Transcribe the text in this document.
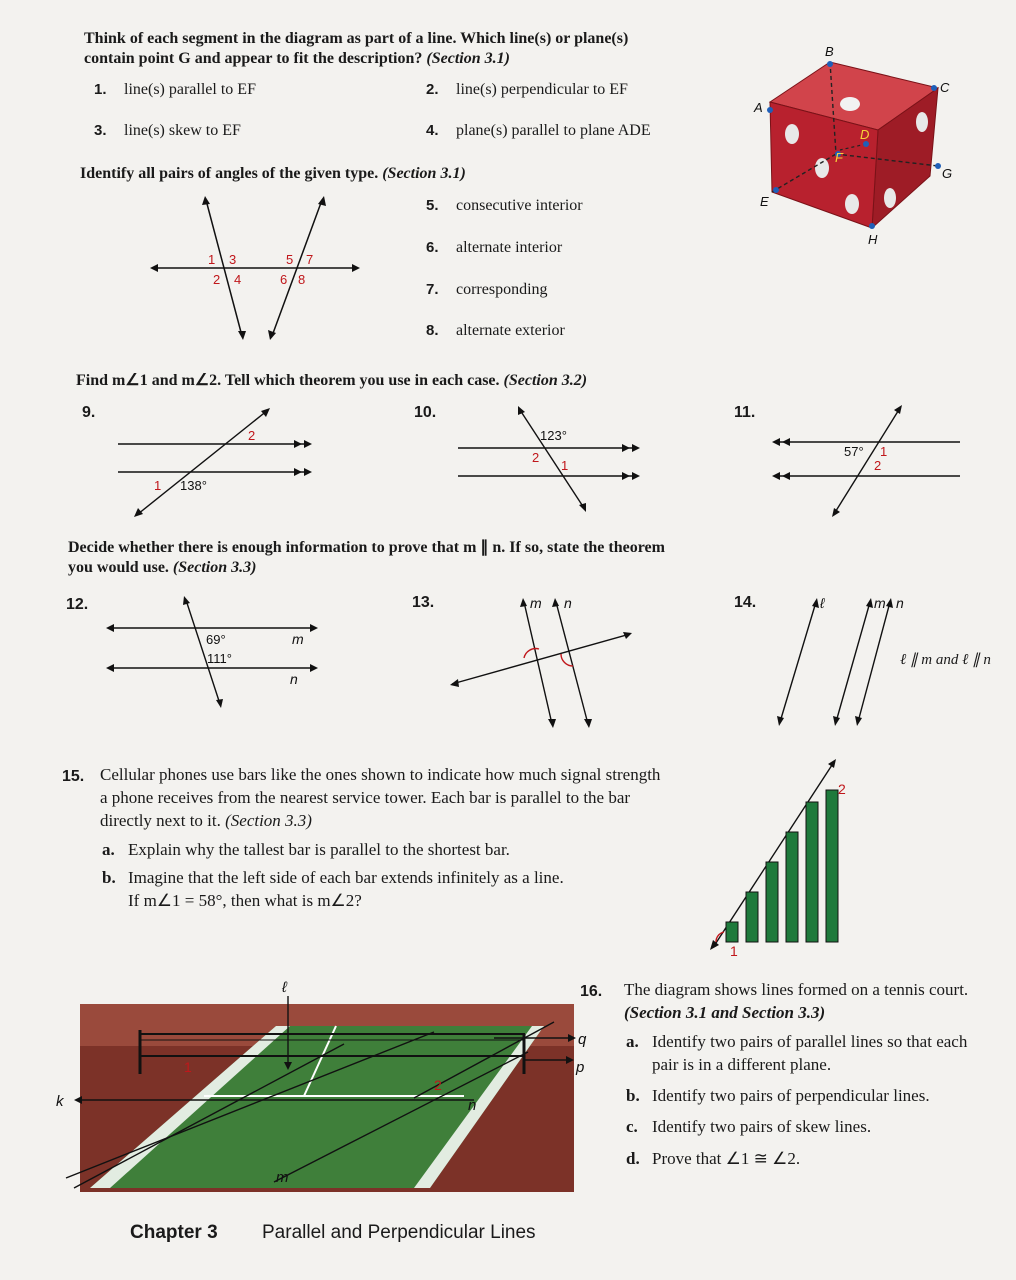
Think of each segment in the diagram as part of a line. Which line(s) or plane(s)
contain point G and appear to fit the description? (Section 3.1)
1. line(s) parallel to EF	2. line(s) perpendicular to EF
3. line(s) skew to EF	4. plane(s) parallel to plane ADE
A
B
C
D
F
G
E
H
Identify all pairs of angles of the given type. (Section 3.1)
1 3
2 4
5 7
6 8
5. consecutive interior
6. alternate interior
7. corresponding
8. alternate exterior
Find m∠1 and m∠2. Tell which theorem you use in each case. (Section 3.2)
9.
2
1 138°
10.
123°
2
1
11.
57° 1
2
Decide whether there is enough information to prove that m ∥ n. If so, state the theorem
you would use. (Section 3.3)
12.
69°
111°
m
n
13.	m n	14.	ℓ	m n
ℓ ∥ m and ℓ ∥ n
15. Cellular phones use bars like the ones shown to indicate how much signal strength
a phone receives from the nearest service tower. Each bar is parallel to the bar
directly next to it. (Section 3.3)
a. Explain why the tallest bar is parallel to the shortest bar.
b. Imagine that the left side of each bar extends infinitely as a line.
If m∠1 = 58°, then what is m∠2?
1
2
ℓ
q
p
k	n
m
1
2
16. The diagram shows lines formed on a tennis court.
(Section 3.1 and Section 3.3)
a. Identify two pairs of parallel lines so that each
pair is in a different plane.
b. Identify two pairs of perpendicular lines.
c. Identify two pairs of skew lines.
d. Prove that ∠1 ≅ ∠2.
Chapter 3 Parallel and Perpendicular Lines
